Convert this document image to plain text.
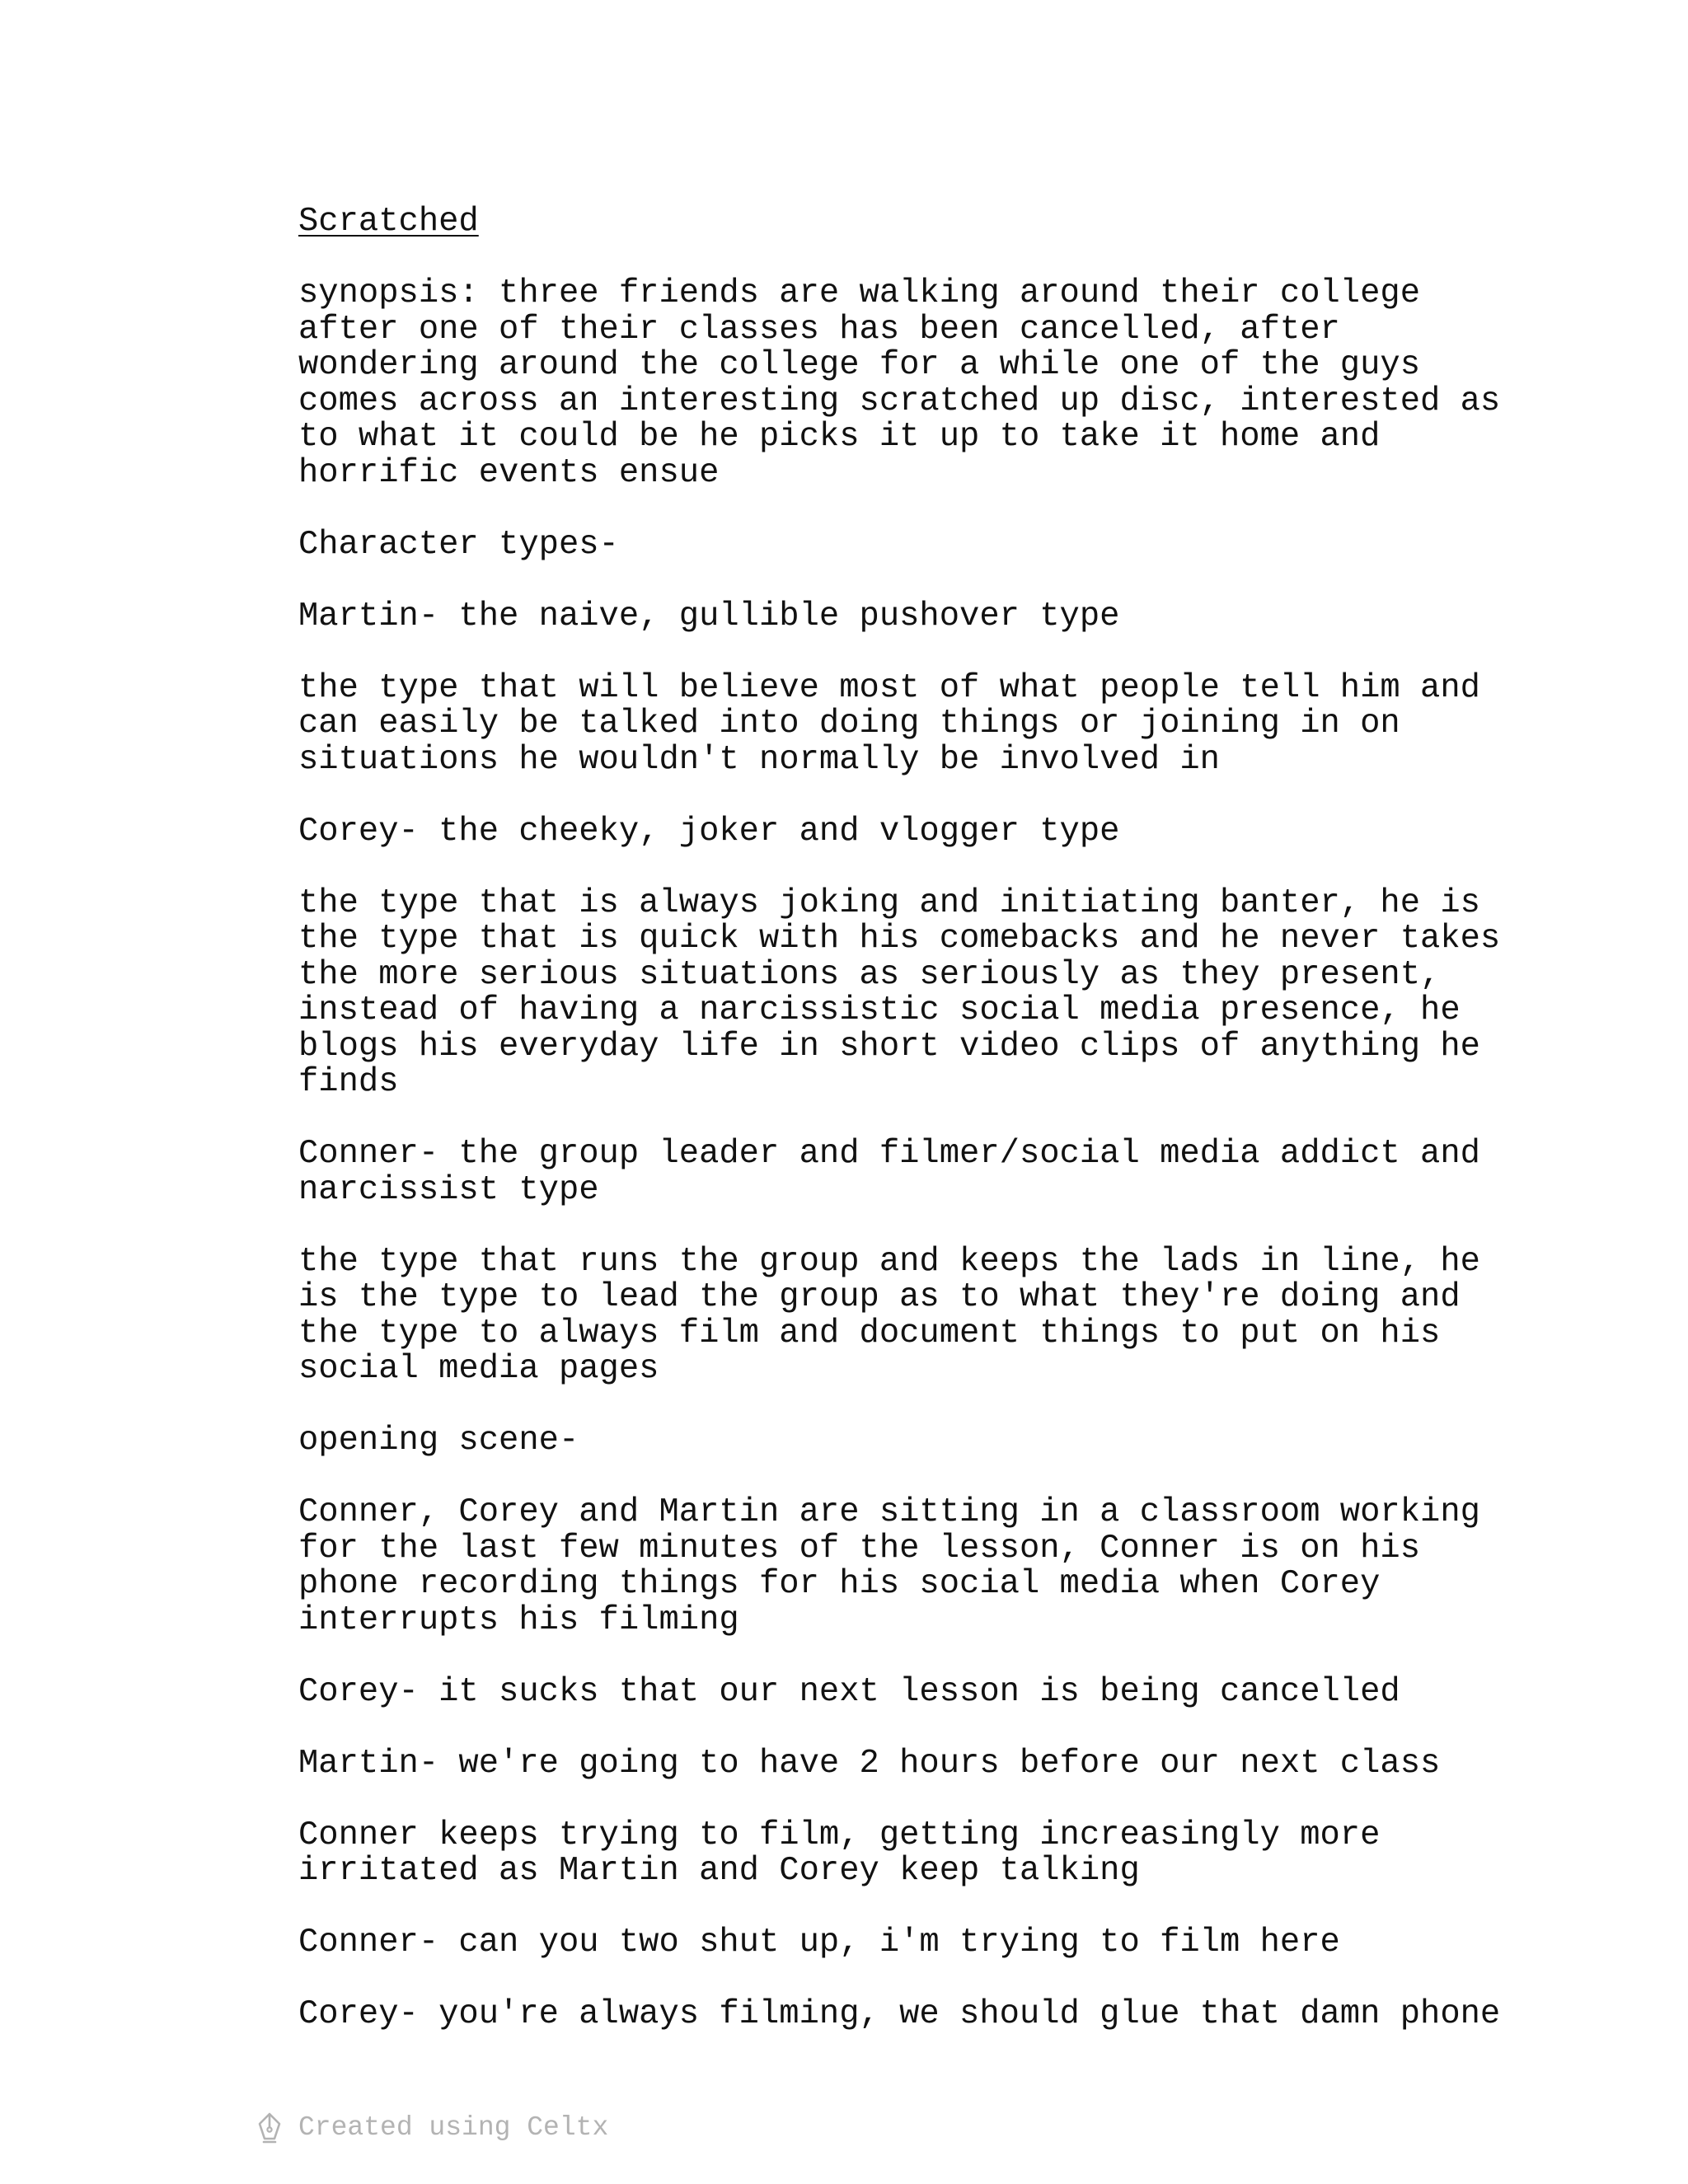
Scratched

synopsis: three friends are walking around their college
after one of their classes has been cancelled, after
wondering around the college for a while one of the guys
comes across an interesting scratched up disc, interested as
to what it could be he picks it up to take it home and
horrific events ensue

Character types-

Martin- the naive, gullible pushover type

the type that will believe most of what people tell him and
can easily be talked into doing things or joining in on
situations he wouldn't normally be involved in

Corey- the cheeky, joker and vlogger type

the type that is always joking and initiating banter, he is
the type that is quick with his comebacks and he never takes
the more serious situations as seriously as they present,
instead of having a narcissistic social media presence, he
blogs his everyday life in short video clips of anything he
finds

Conner- the group leader and filmer/social media addict and
narcissist type

the type that runs the group and keeps the lads in line, he
is the type to lead the group as to what they're doing and
the type to always film and document things to put on his
social media pages

opening scene-

Conner, Corey and Martin are sitting in a classroom working
for the last few minutes of the lesson, Conner is on his
phone recording things for his social media when Corey
interrupts his filming

Corey- it sucks that our next lesson is being cancelled

Martin- we're going to have 2 hours before our next class

Conner keeps trying to film, getting increasingly more
irritated as Martin and Corey keep talking

Conner- can you two shut up, i'm trying to film here

Corey- you're always filming, we should glue that damn phone

Created using Celtx
